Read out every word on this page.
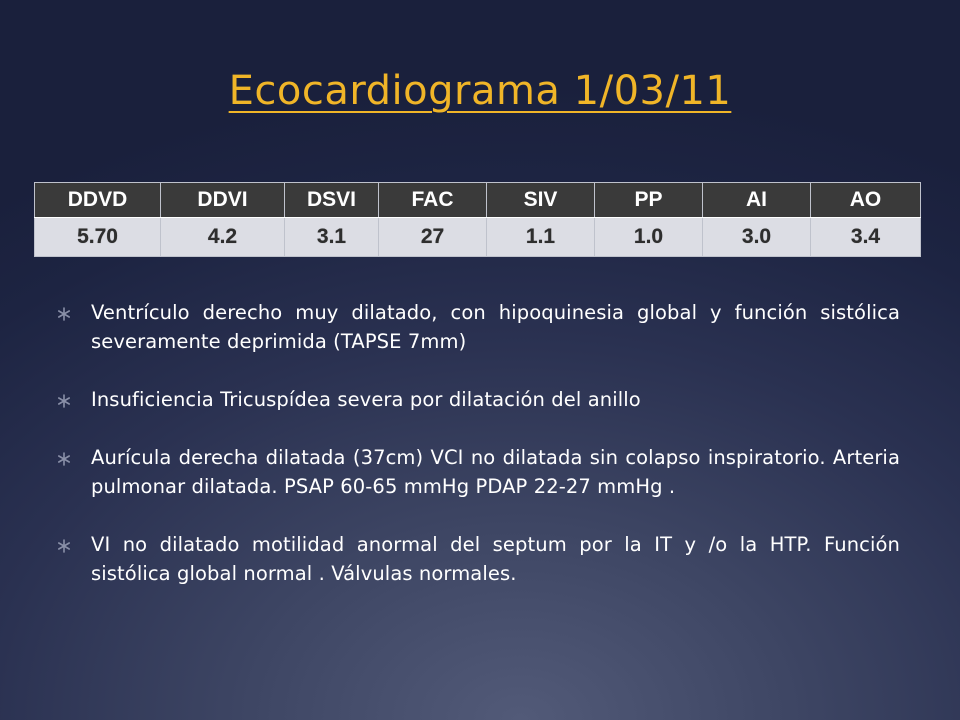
Ecocardiograma 1/03/11
DDVD	DDVI	DSVI	FAC	SIV	PP	AI	AO
5.70	4.2	3.1	27	1.1	1.0	3.0	3.4
Ventrículo derecho muy dilatado, con hipoquinesia global y función sistólica severamente deprimida (TAPSE 7mm)
Insuficiencia Tricuspídea severa por dilatación del anillo
Aurícula derecha dilatada (37cm) VCI no dilatada sin colapso inspiratorio. Arteria pulmonar dilatada. PSAP 60-65 mmHg PDAP 22-27 mmHg .
VI no dilatado motilidad anormal del septum por la IT y /o la HTP. Función sistólica global normal . Válvulas normales.
